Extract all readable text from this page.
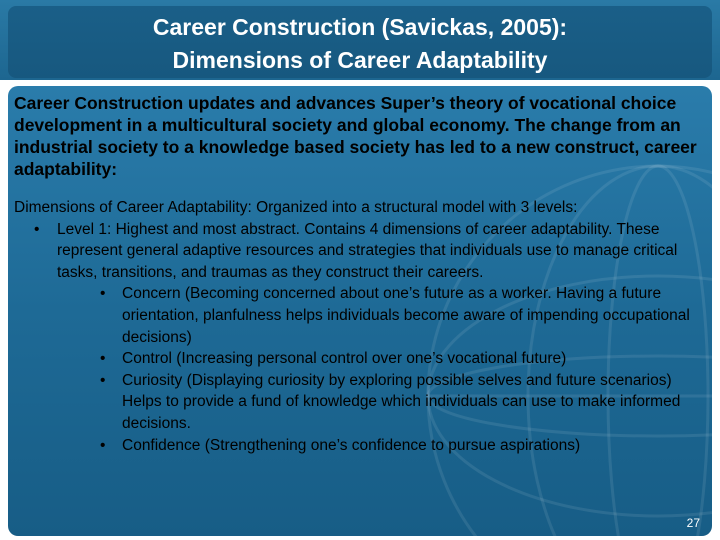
Career Construction (Savickas, 2005):
Dimensions of Career Adaptability

Career Construction updates and advances Super’s theory of vocational choice development in a multicultural society and global economy. The change from an industrial society to a knowledge based society has led to a new construct, career adaptability:

Dimensions of Career Adaptability: Organized into a structural model with 3 levels:
• Level 1: Highest and most abstract. Contains 4 dimensions of career adaptability. These represent general adaptive resources and strategies that individuals use to manage critical tasks, transitions, and traumas as they construct their careers.
• Concern (Becoming concerned about one’s future as a worker. Having a future orientation, planfulness helps individuals become aware of impending occupational decisions)
• Control (Increasing personal control over one’s vocational future)
• Curiosity (Displaying curiosity by exploring possible selves and future scenarios) Helps to provide a fund of knowledge which individuals can use to make informed decisions.
• Confidence (Strengthening one’s confidence to pursue aspirations)
27
